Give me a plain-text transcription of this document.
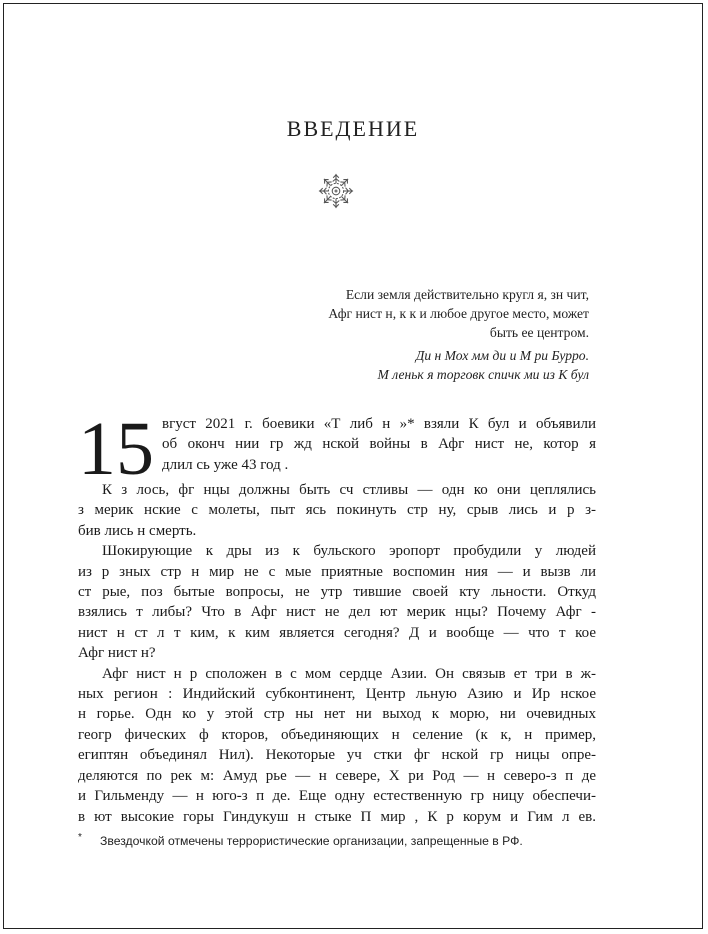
ВВЕДЕНИЕ
Если земля действительно кругл я, зн чит,
Афг нист н, к к и любое другое место, может
быть ее центром.
Ди н Мох мм ди и М ри Бурро.
М леньк я торговк спичк ми из К бул
15 вгуст 2021 г. боевики «Т либ н »* взяли К бул и объявили
об оконч нии гр жд нской войны в Афг нист не, котор я
длил сь уже 43 год .
К з лось, фг нцы должны быть сч стливы — одн ко они цеплялись
з мерик нские с молеты, пыт ясь покинуть стр ну, срыв лись и р з-
бив лись н смерть.
Шокирующие к дры из к бульского эропорт пробудили у людей
из р зных стр н мир не с мые приятные воспомин ния — и вызв ли
ст рые, поз бытые вопросы, не утр тившие своей кту льности. Откуд
взялись т либы? Что в Афг нист не дел ют мерик нцы? Почему Афг -
нист н ст л т ким, к ким является сегодня? Д и вообще — что т кое
Афг нист н?
Афг нист н р сположен в с мом сердце Азии. Он связыв ет три в ж-
ных регион : Индийский субконтинент, Центр льную Азию и Ир нское
н горье. Одн ко у этой стр ны нет ни выход к морю, ни очевидных
геогр фических ф кторов, объединяющих н селение (к к, н пример,
египтян объединял Нил). Некоторые уч стки фг нской гр ницы опре-
деляются по рек м: Амуд рье — н севере, Х ри Род — н северо-з п де
и Гильменду — н юго-з п де. Еще одну естественную гр ницу обеспечи-
в ют высокие горы Гиндукуш н стыке П мир , К р корум и Гим л ев.
* Звездочкой отмечены террористические организации, запрещенные в РФ.
